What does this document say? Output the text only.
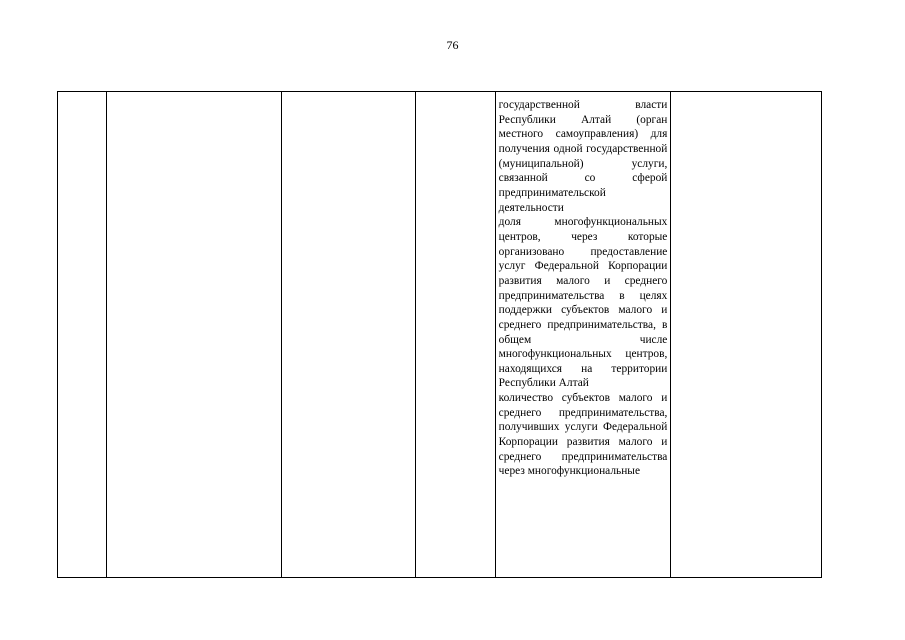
76

государственной власти Республики Алтай (орган местного самоуправления) для получения одной государственной (муниципальной) услуги, связанной со сферой предпринимательской деятельности
доля многофункциональных центров, через которые организовано предоставление услуг Федеральной Корпорации развития малого и среднего предпринимательства в целях поддержки субъектов малого и среднего предпринимательства, в общем числе многофункциональных центров, находящихся на территории Республики Алтай
количество субъектов малого и среднего предпринимательства, получивших услуги Федеральной Корпорации развития малого и среднего предпринимательства через многофункциональные
